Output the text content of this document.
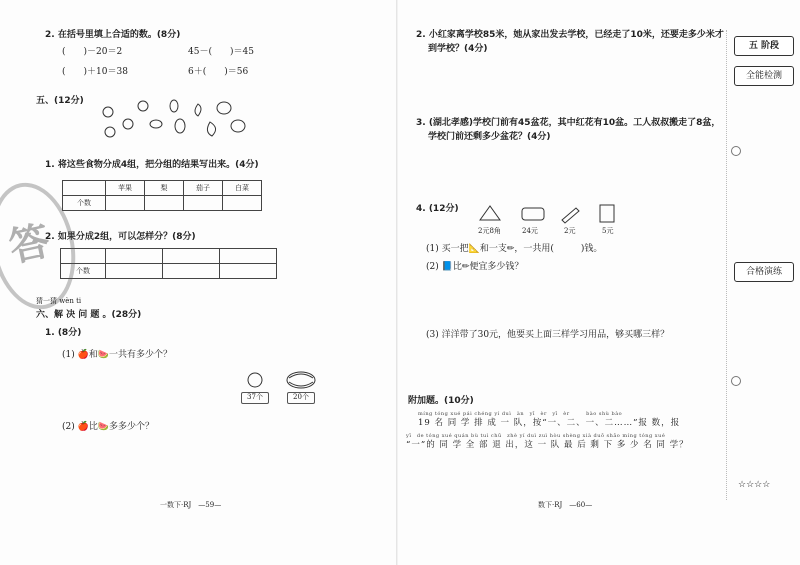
2. 在括号里填上合适的数。(8分)
(　　)－20＝2	45－(　　)＝45
(　　)＋10＝38	6＋(　　)＝56
五、(12分)
1. 将这些食物分成4组，把分组的结果写出来。(4分)
	苹果	梨	茄子	白菜
个数				
2. 如果分成2组，可以怎样分？(8分)

个数			
答
猜一猜 wèn ti
六、解 决 问 题 。(28分)
1. (8分)
(1) 🍎和🍉一共有多少个？
37个	20个
(2) 🍎比🍉多多少个？
一数下·RJ　—59—
2. 小红家离学校85米，她从家出发去学校，已经走了10米，还要走多少米才
到学校？(4分)
3. (湖北孝感)学校门前有45盆花，其中红花有10盆。工人叔叔搬走了8盆，
学校门前还剩多少盆花？(4分)
4. (12分)
2元8角	24元	2元	5元
(1) 买一把📐和一支✏，一共用(　　　)钱。
(2) 📘比✏便宜多少钱？
(3) 洋洋带了30元，他要买上面三样学习用品，够买哪三样？
附加题。(10分)
míng tóng xué pái chéng yí duì　àn　yī　èr　yī　èr　　　bào shù bào
19 名 同 学 排 成 一 队，按“一、二、一、二……”报 数，报
yī　de tóng xué quán bù tuì chū　zhè yí duì zuì hòu shèng xià duō shǎo míng tóng xué
“一”的 同 学 全 部 退 出，这 一 队 最 后 剩 下 多 少 名 同 学？
数下·RJ　—60—
五 阶段
全能检测
合格演练
☆☆☆☆
